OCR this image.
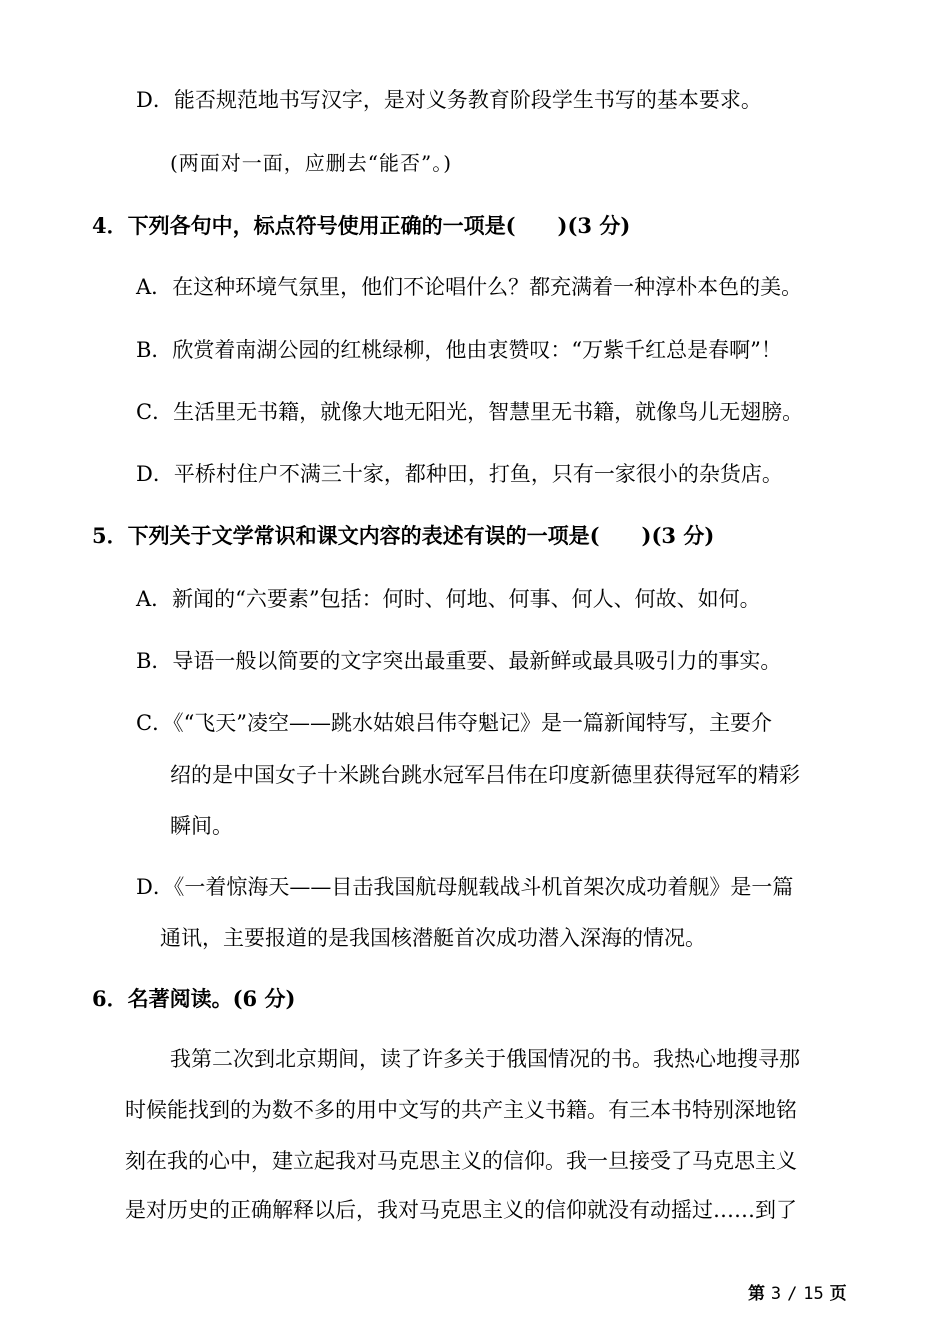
D．能否规范地书写汉字，是对义务教育阶段学生书写的基本要求。
(两面对一面，应删去“能否”。)
4．下列各句中，标点符号使用正确的一项是(　　)(3 分)
A．在这种环境气氛里，他们不论唱什么？都充满着一种淳朴本色的美。
B．欣赏着南湖公园的红桃绿柳，他由衷赞叹：“万紫千红总是春啊”！
C．生活里无书籍，就像大地无阳光，智慧里无书籍，就像鸟儿无翅膀。
D．平桥村住户不满三十家，都种田，打鱼，只有一家很小的杂货店。
5．下列关于文学常识和课文内容的表述有误的一项是(　　)(3 分)
A．新闻的“六要素”包括：何时、何地、何事、何人、何故、如何。
B．导语一般以简要的文字突出最重要、最新鲜或最具吸引力的事实。
C．《“飞天”凌空——跳水姑娘吕伟夺魁记》是一篇新闻特写，主要介
绍的是中国女子十米跳台跳水冠军吕伟在印度新德里获得冠军的精彩
瞬间。
D．《一着惊海天——目击我国航母舰载战斗机首架次成功着舰》是一篇
通讯，主要报道的是我国核潜艇首次成功潜入深海的情况。
6．名著阅读。(6 分)
我第二次到北京期间，读了许多关于俄国情况的书。我热心地搜寻那
时候能找到的为数不多的用中文写的共产主义书籍。有三本书特别深地铭
刻在我的心中，建立起我对马克思主义的信仰。我一旦接受了马克思主义
是对历史的正确解释以后，我对马克思主义的信仰就没有动摇过……到了
第 3 / 15 页
